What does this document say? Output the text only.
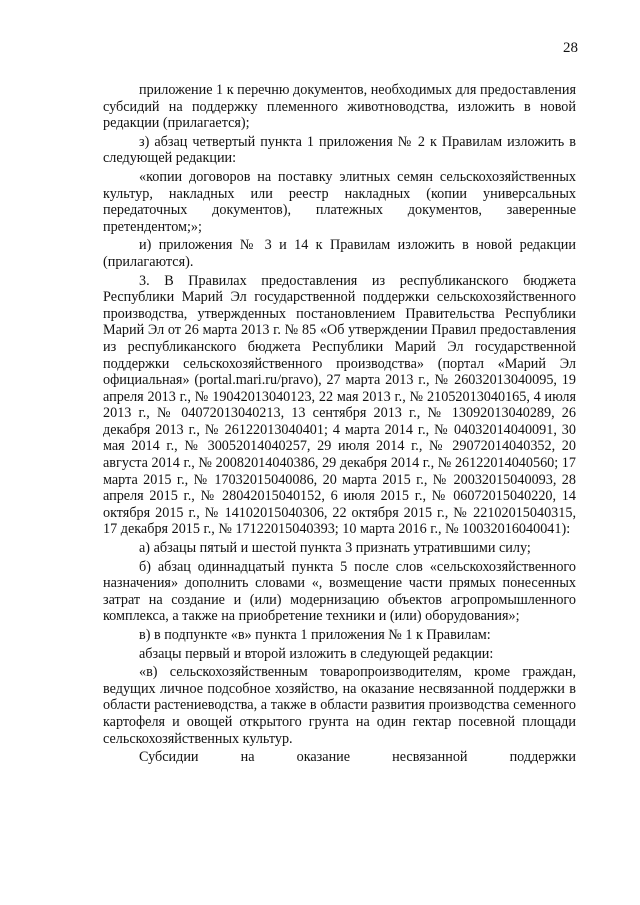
28

приложение 1 к перечню документов, необходимых для предоставления субсидий на поддержку племенного животноводства, изложить в новой редакции (прилагается);

з) абзац четвертый пункта 1 приложения № 2 к Правилам изложить в следующей редакции:

«копии договоров на поставку элитных семян сельскохозяйственных культур, накладных или реестр накладных (копии универсальных передаточных документов), платежных документов, заверенные претендентом;»;

и) приложения № 3 и 14 к Правилам изложить в новой редакции (прилагаются).

3. В Правилах предоставления из республиканского бюджета Республики Марий Эл государственной поддержки сельскохозяйственного производства, утвержденных постановлением Правительства Республики Марий Эл от 26 марта 2013 г. № 85 «Об утверждении Правил предоставления из республиканского бюджета Республики Марий Эл государственной поддержки сельскохозяйственного производства» (портал «Марий Эл официальная» (portal.mari.ru/pravo), 27 марта 2013 г., № 26032013040095, 19 апреля 2013 г., № 19042013040123, 22 мая 2013 г., № 21052013040165, 4 июля 2013 г., № 04072013040213, 13 сентября 2013 г., № 13092013040289, 26 декабря 2013 г., № 26122013040401; 4 марта 2014 г., № 04032014040091, 30 мая 2014 г., № 30052014040257, 29 июля 2014 г., № 29072014040352, 20 августа 2014 г., № 20082014040386, 29 декабря 2014 г., № 26122014040560; 17 марта 2015 г., № 17032015040086, 20 марта 2015 г., № 20032015040093, 28 апреля 2015 г., № 28042015040152, 6 июля 2015 г., № 06072015040220, 14 октября 2015 г., № 14102015040306, 22 октября 2015 г., № 22102015040315, 17 декабря 2015 г., № 17122015040393; 10 марта 2016 г., № 10032016040041):

а) абзацы пятый и шестой пункта 3 признать утратившими силу;

б) абзац одиннадцатый пункта 5 после слов «сельскохозяйственного назначения» дополнить словами «, возмещение части прямых понесенных затрат на создание и (или) модернизацию объектов агропромышленного комплекса, а также на приобретение техники и (или) оборудования»;

в) в подпункте «в» пункта 1 приложения № 1 к Правилам:

абзацы первый и второй изложить в следующей редакции:

«в) сельскохозяйственным товаропроизводителям, кроме граждан, ведущих личное подсобное хозяйство, на оказание несвязанной поддержки в области растениеводства, а также в области развития производства семенного картофеля и овощей открытого грунта на один гектар посевной площади сельскохозяйственных культур.

Субсидии на оказание несвязанной поддержки
